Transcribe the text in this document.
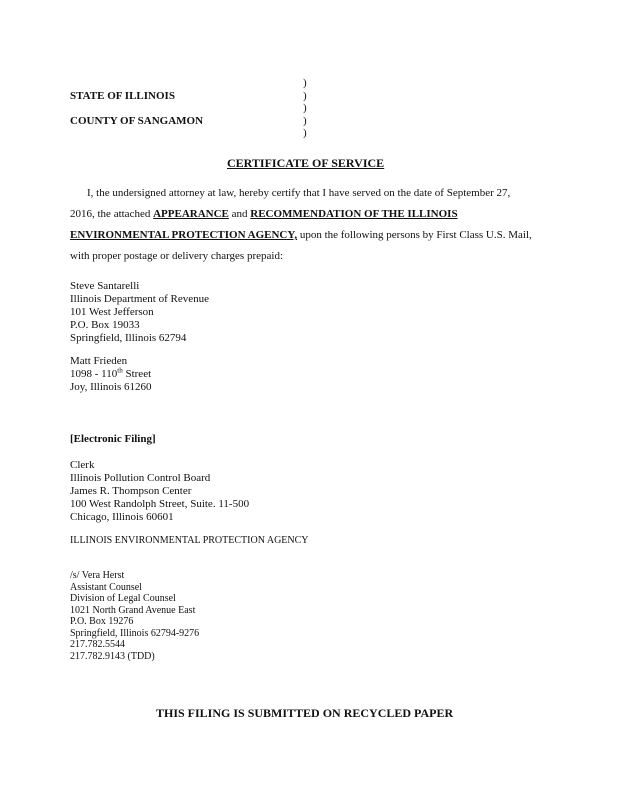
STATE OF ILLINOIS
COUNTY OF SANGAMON
)
)
)
)
)
CERTIFICATE OF SERVICE
I, the undersigned attorney at law, hereby certify that I have served on the date of September 27,
2016, the attached APPEARANCE and RECOMMENDATION OF THE ILLINOIS
ENVIRONMENTAL PROTECTION AGENCY, upon the following persons by First Class U.S. Mail,
with proper postage or delivery charges prepaid:
Steve Santarelli
Illinois Department of Revenue
101 West Jefferson
P.O. Box 19033
Springfield, Illinois 62794
Matt Frieden
1098 - 110th Street
Joy, Illinois 61260
[Electronic Filing]
Clerk
Illinois Pollution Control Board
James R. Thompson Center
100 West Randolph Street, Suite. 11-500
Chicago, Illinois 60601
ILLINOIS ENVIRONMENTAL PROTECTION AGENCY
/s/ Vera Herst
Assistant Counsel
Division of Legal Counsel
1021 North Grand Avenue East
P.O. Box 19276
Springfield, Illinois 62794-9276
217.782.5544
217.782.9143 (TDD)
THIS FILING IS SUBMITTED ON RECYCLED PAPER
